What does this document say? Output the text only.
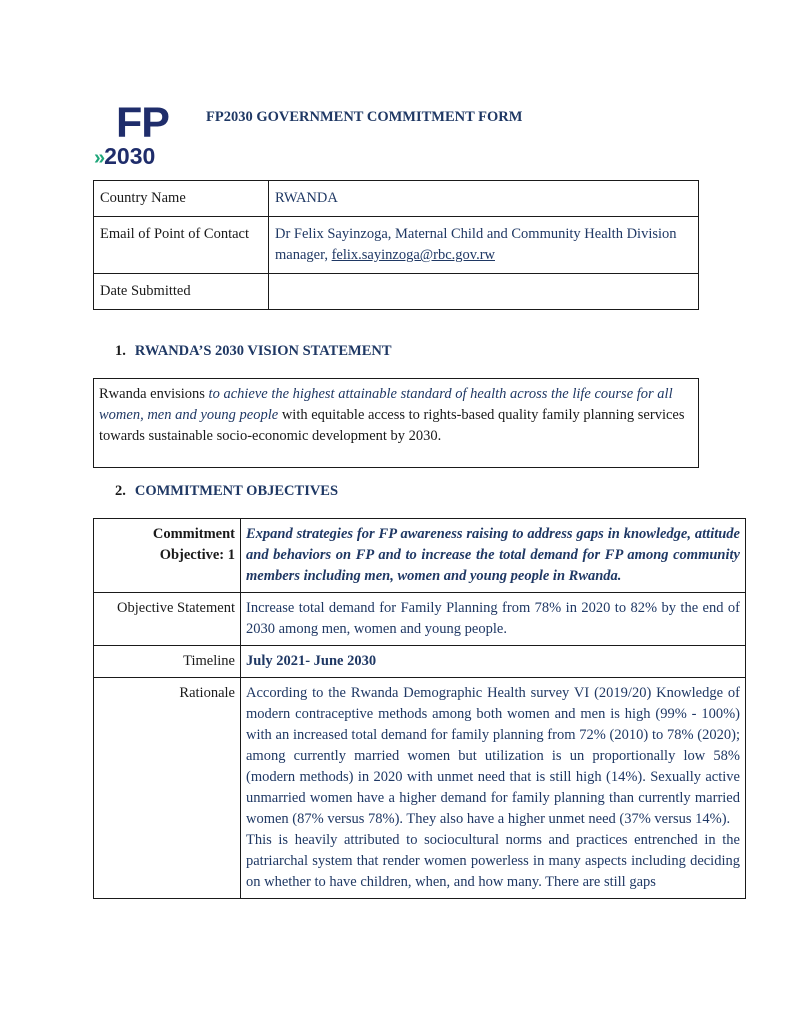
FP
»2030
FP2030 GOVERNMENT COMMITMENT FORM
Country Name	RWANDA
Email of Point of Contact	Dr Felix Sayinzoga, Maternal Child and Community Health Division manager, felix.sayinzoga@rbc.gov.rw
Date Submitted	
1. RWANDA’S 2030 VISION STATEMENT
Rwanda envisions to achieve the highest attainable standard of health across the life course for all women, men and young people with equitable access to rights-based quality family planning services towards sustainable socio-economic development by 2030.
2. COMMITMENT OBJECTIVES
Commitment Objective: 1	Expand strategies for FP awareness raising to address gaps in knowledge, attitude and behaviors on FP and to increase the total demand for FP among community members including men, women and young people in Rwanda.
Objective Statement	Increase total demand for Family Planning from 78% in 2020 to 82% by the end of 2030 among men, women and young people.
Timeline	July 2021- June 2030
Rationale	According to the Rwanda Demographic Health survey VI (2019/20) Knowledge of modern contraceptive methods among both women and men is high (99% - 100%) with an increased total demand for family planning from 72% (2010) to 78% (2020); among currently married women but utilization is un proportionally low 58% (modern methods) in 2020 with unmet need that is still high (14%). Sexually active unmarried women have a higher demand for family planning than currently married women (87% versus 78%). They also have a higher unmet need (37% versus 14%).
This is heavily attributed to sociocultural norms and practices entrenched in the patriarchal system that render women powerless in many aspects including deciding on whether to have children, when, and how many. There are still gaps
